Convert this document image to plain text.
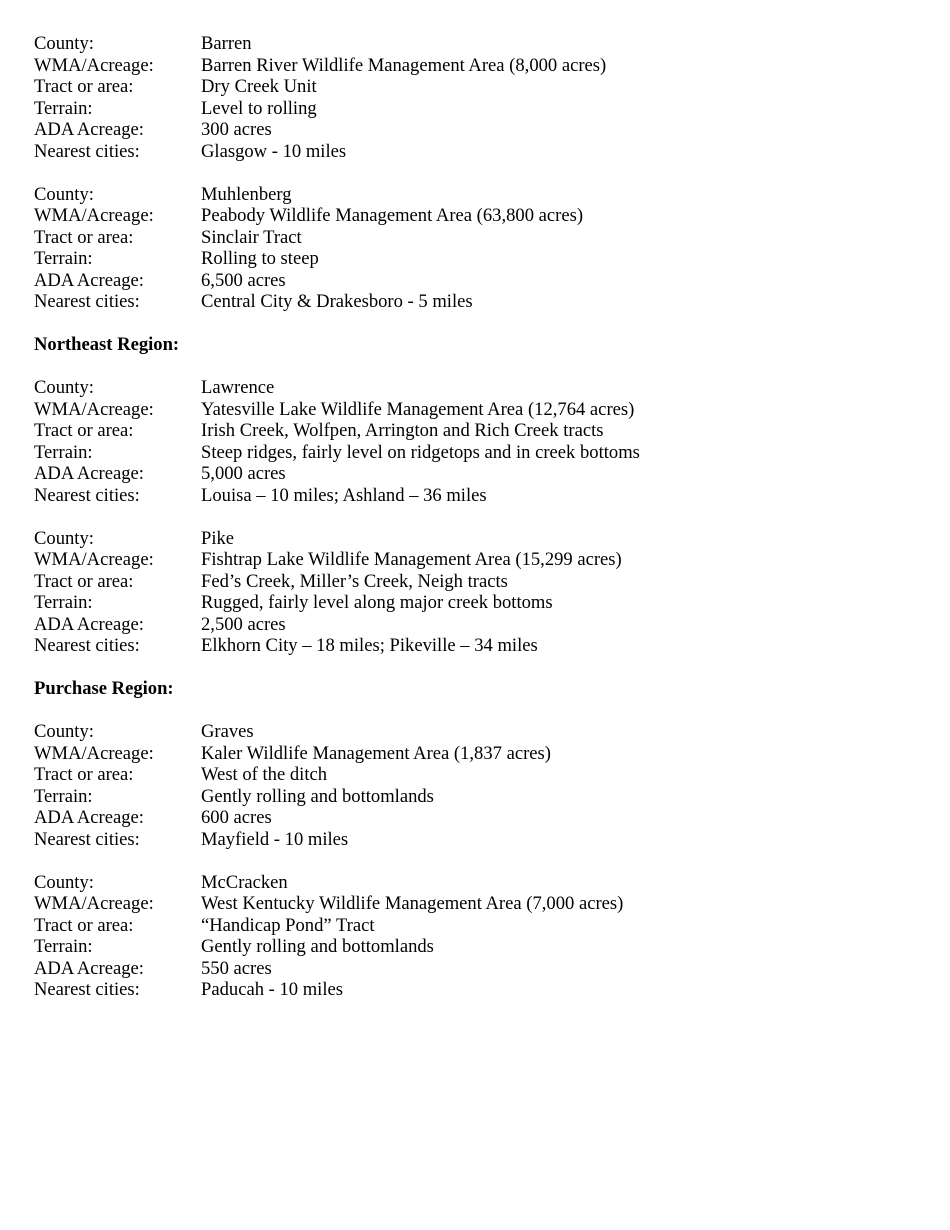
County:	Barren
WMA/Acreage:	Barren River Wildlife Management Area (8,000 acres)
Tract or area:	Dry Creek Unit
Terrain:	Level to rolling
ADA Acreage:	300 acres
Nearest cities:	Glasgow - 10 miles
County:	Muhlenberg
WMA/Acreage:	Peabody Wildlife Management Area (63,800 acres)
Tract or area:	Sinclair Tract
Terrain:	Rolling to steep
ADA Acreage:	6,500 acres
Nearest cities:	Central City & Drakesboro - 5 miles
Northeast Region:
County:	Lawrence
WMA/Acreage:	Yatesville Lake Wildlife Management Area (12,764 acres)
Tract or area:	Irish Creek, Wolfpen, Arrington and Rich Creek tracts
Terrain:	Steep ridges, fairly level on ridgetops and in creek bottoms
ADA Acreage:	5,000 acres
Nearest cities:	Louisa – 10 miles; Ashland – 36 miles
County:	Pike
WMA/Acreage:	Fishtrap Lake Wildlife Management Area (15,299 acres)
Tract or area:	Fed’s Creek, Miller’s Creek, Neigh tracts
Terrain:	Rugged, fairly level along major creek bottoms
ADA Acreage:	2,500 acres
Nearest cities:	Elkhorn City – 18 miles; Pikeville – 34 miles
Purchase Region:
County:	Graves
WMA/Acreage:	Kaler Wildlife Management Area (1,837 acres)
Tract or area:	West of the ditch
Terrain:	Gently rolling and bottomlands
ADA Acreage:	600 acres
Nearest cities:	Mayfield - 10 miles
County:	McCracken
WMA/Acreage:	West Kentucky Wildlife Management Area (7,000 acres)
Tract or area:	“Handicap Pond” Tract
Terrain:	Gently rolling and bottomlands
ADA Acreage:	550 acres
Nearest cities:	Paducah - 10 miles
